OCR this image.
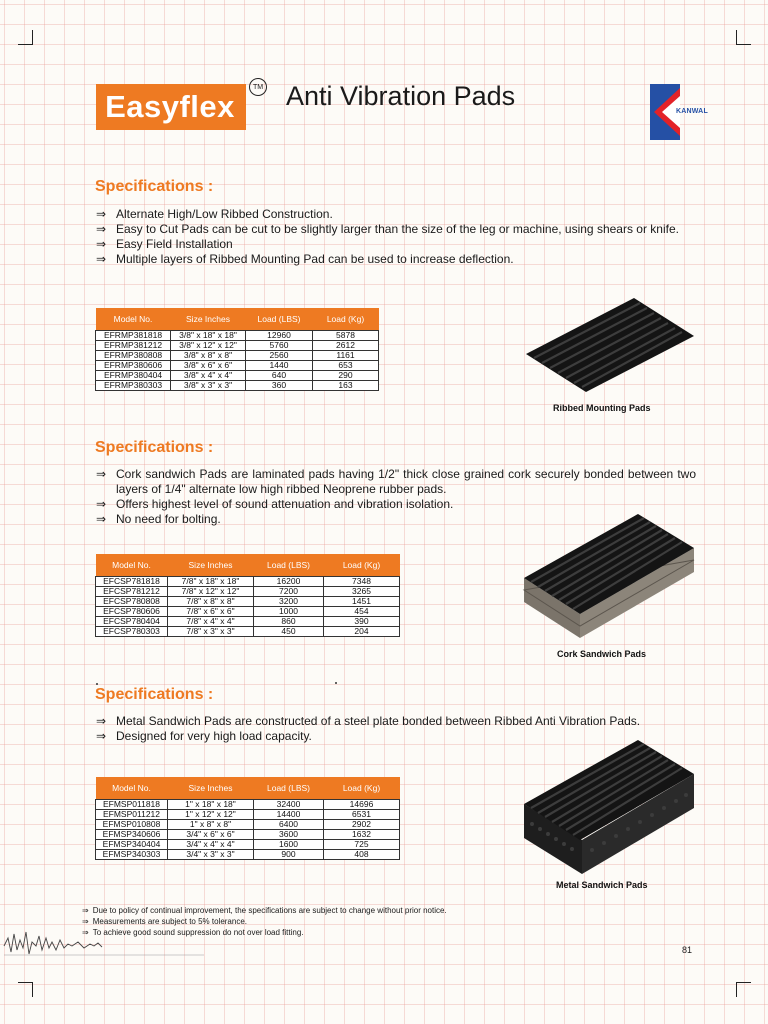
Easyflex
TM Anti Vibration Pads
KANWAL
Specifications :
⇒ Alternate High/Low Ribbed Construction.
⇒ Easy to Cut Pads can be cut to be slightly larger than the size of the leg or machine, using shears or knife.
⇒ Easy Field Installation
⇒ Multiple layers of Ribbed Mounting Pad can be used to increase deflection.
Model No.	Size Inches	Load (LBS)	Load (Kg)
EFRMP381818	3/8" x 18" x 18"	12960	5878
EFRMP381212	3/8" x 12" x 12"	5760	2612
EFRMP380808	3/8" x 8" x 8"	2560	1161
EFRMP380606	3/8" x 6" x 6"	1440	653
EFRMP380404	3/8" x 4" x 4"	640	290
EFRMP380303	3/8" x 3" x 3"	360	163
Ribbed Mounting Pads
Specifications :
⇒ Cork sandwich Pads are laminated pads having 1/2" thick close grained cork securely bonded between two layers of 1/4" alternate low high ribbed Neoprene rubber pads.
⇒ Offers highest level of sound attenuation and vibration isolation.
⇒ No need for bolting.
Model No.	Size Inches	Load (LBS)	Load (Kg)
EFCSP781818	7/8" x 18" x 18"	16200	7348
EFCSP781212	7/8" x 12" x 12"	7200	3265
EFCSP780808	7/8" x 8" x 8"	3200	1451
EFCSP780606	7/8" x 6" x 6"	1000	454
EFCSP780404	7/8" x 4" x 4"	860	390
EFCSP780303	7/8" x 3" x 3"	450	204
Cork Sandwich Pads
Specifications :
⇒ Metal Sandwich Pads are constructed of a steel plate bonded between Ribbed Anti Vibration Pads.
⇒ Designed for very high load capacity.
Model No.	Size Inches	Load (LBS)	Load (Kg)
EFMSP011818	1" x 18" x 18"	32400	14696
EFMSP011212	1" x 12" x 12"	14400	6531
EFMSP010808	1" x 8" x 8"	6400	2902
EFMSP340606	3/4" x 6" x 6"	3600	1632
EFMSP340404	3/4" x 4" x 4"	1600	725
EFMSP340303	3/4" x 3" x 3"	900	408
Metal Sandwich Pads
⇒ Due to policy of continual improvement, the specifications are subject to change without prior notice.
⇒ Measurements are subject to 5% tolerance.
⇒ To achieve good sound suppression do not over load fitting.
81
